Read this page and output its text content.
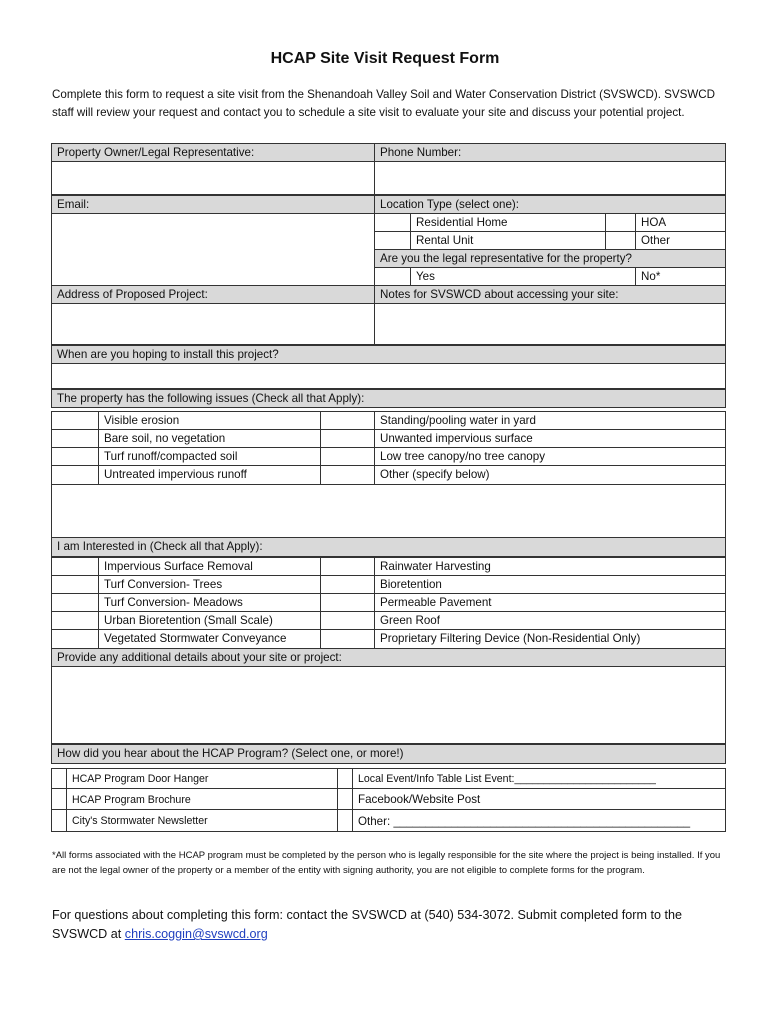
HCAP Site Visit Request Form
Complete this form to request a site visit from the Shenandoah Valley Soil and Water Conservation District (SVSWCD). SVSWCD staff will review your request and contact you to schedule a site visit to evaluate your site and discuss your potential project.
Property Owner/Legal Representative:	Phone Number:
Email:	Location Type (select one):
Residential Home	HOA
Rental Unit	Other
Are you the legal representative for the property?
Yes	No*
Address of Proposed Project:	Notes for SVSWCD about accessing your site:
When are you hoping to install this project?
The property has the following issues (Check all that Apply):
Visible erosion	Standing/pooling water in yard
Bare soil, no vegetation	Unwanted impervious surface
Turf runoff/compacted soil	Low tree canopy/no tree canopy
Untreated impervious runoff	Other (specify below)
I am Interested in (Check all that Apply):
Impervious Surface Removal	Rainwater Harvesting
Turf Conversion- Trees	Bioretention
Turf Conversion- Meadows	Permeable Pavement
Urban Bioretention (Small Scale)	Green Roof
Vegetated Stormwater Conveyance	Proprietary Filtering Device (Non-Residential Only)
Provide any additional details about your site or project:
How did you hear about the HCAP Program? (Select one, or more!)
HCAP Program Door Hanger	Local Event/Info Table List Event:________________________
HCAP Program Brochure	Facebook/Website Post
City's Stormwater Newsletter	Other: ______________________________________________
*All forms associated with the HCAP program must be completed by the person who is legally responsible for the site where the project is being installed. If you are not the legal owner of the property or a member of the entity with signing authority, you are not eligible to complete forms for the program.
For questions about completing this form: contact the SVSWCD at (540) 534-3072. Submit completed form to the SVSWCD at chris.coggin@svswcd.org
